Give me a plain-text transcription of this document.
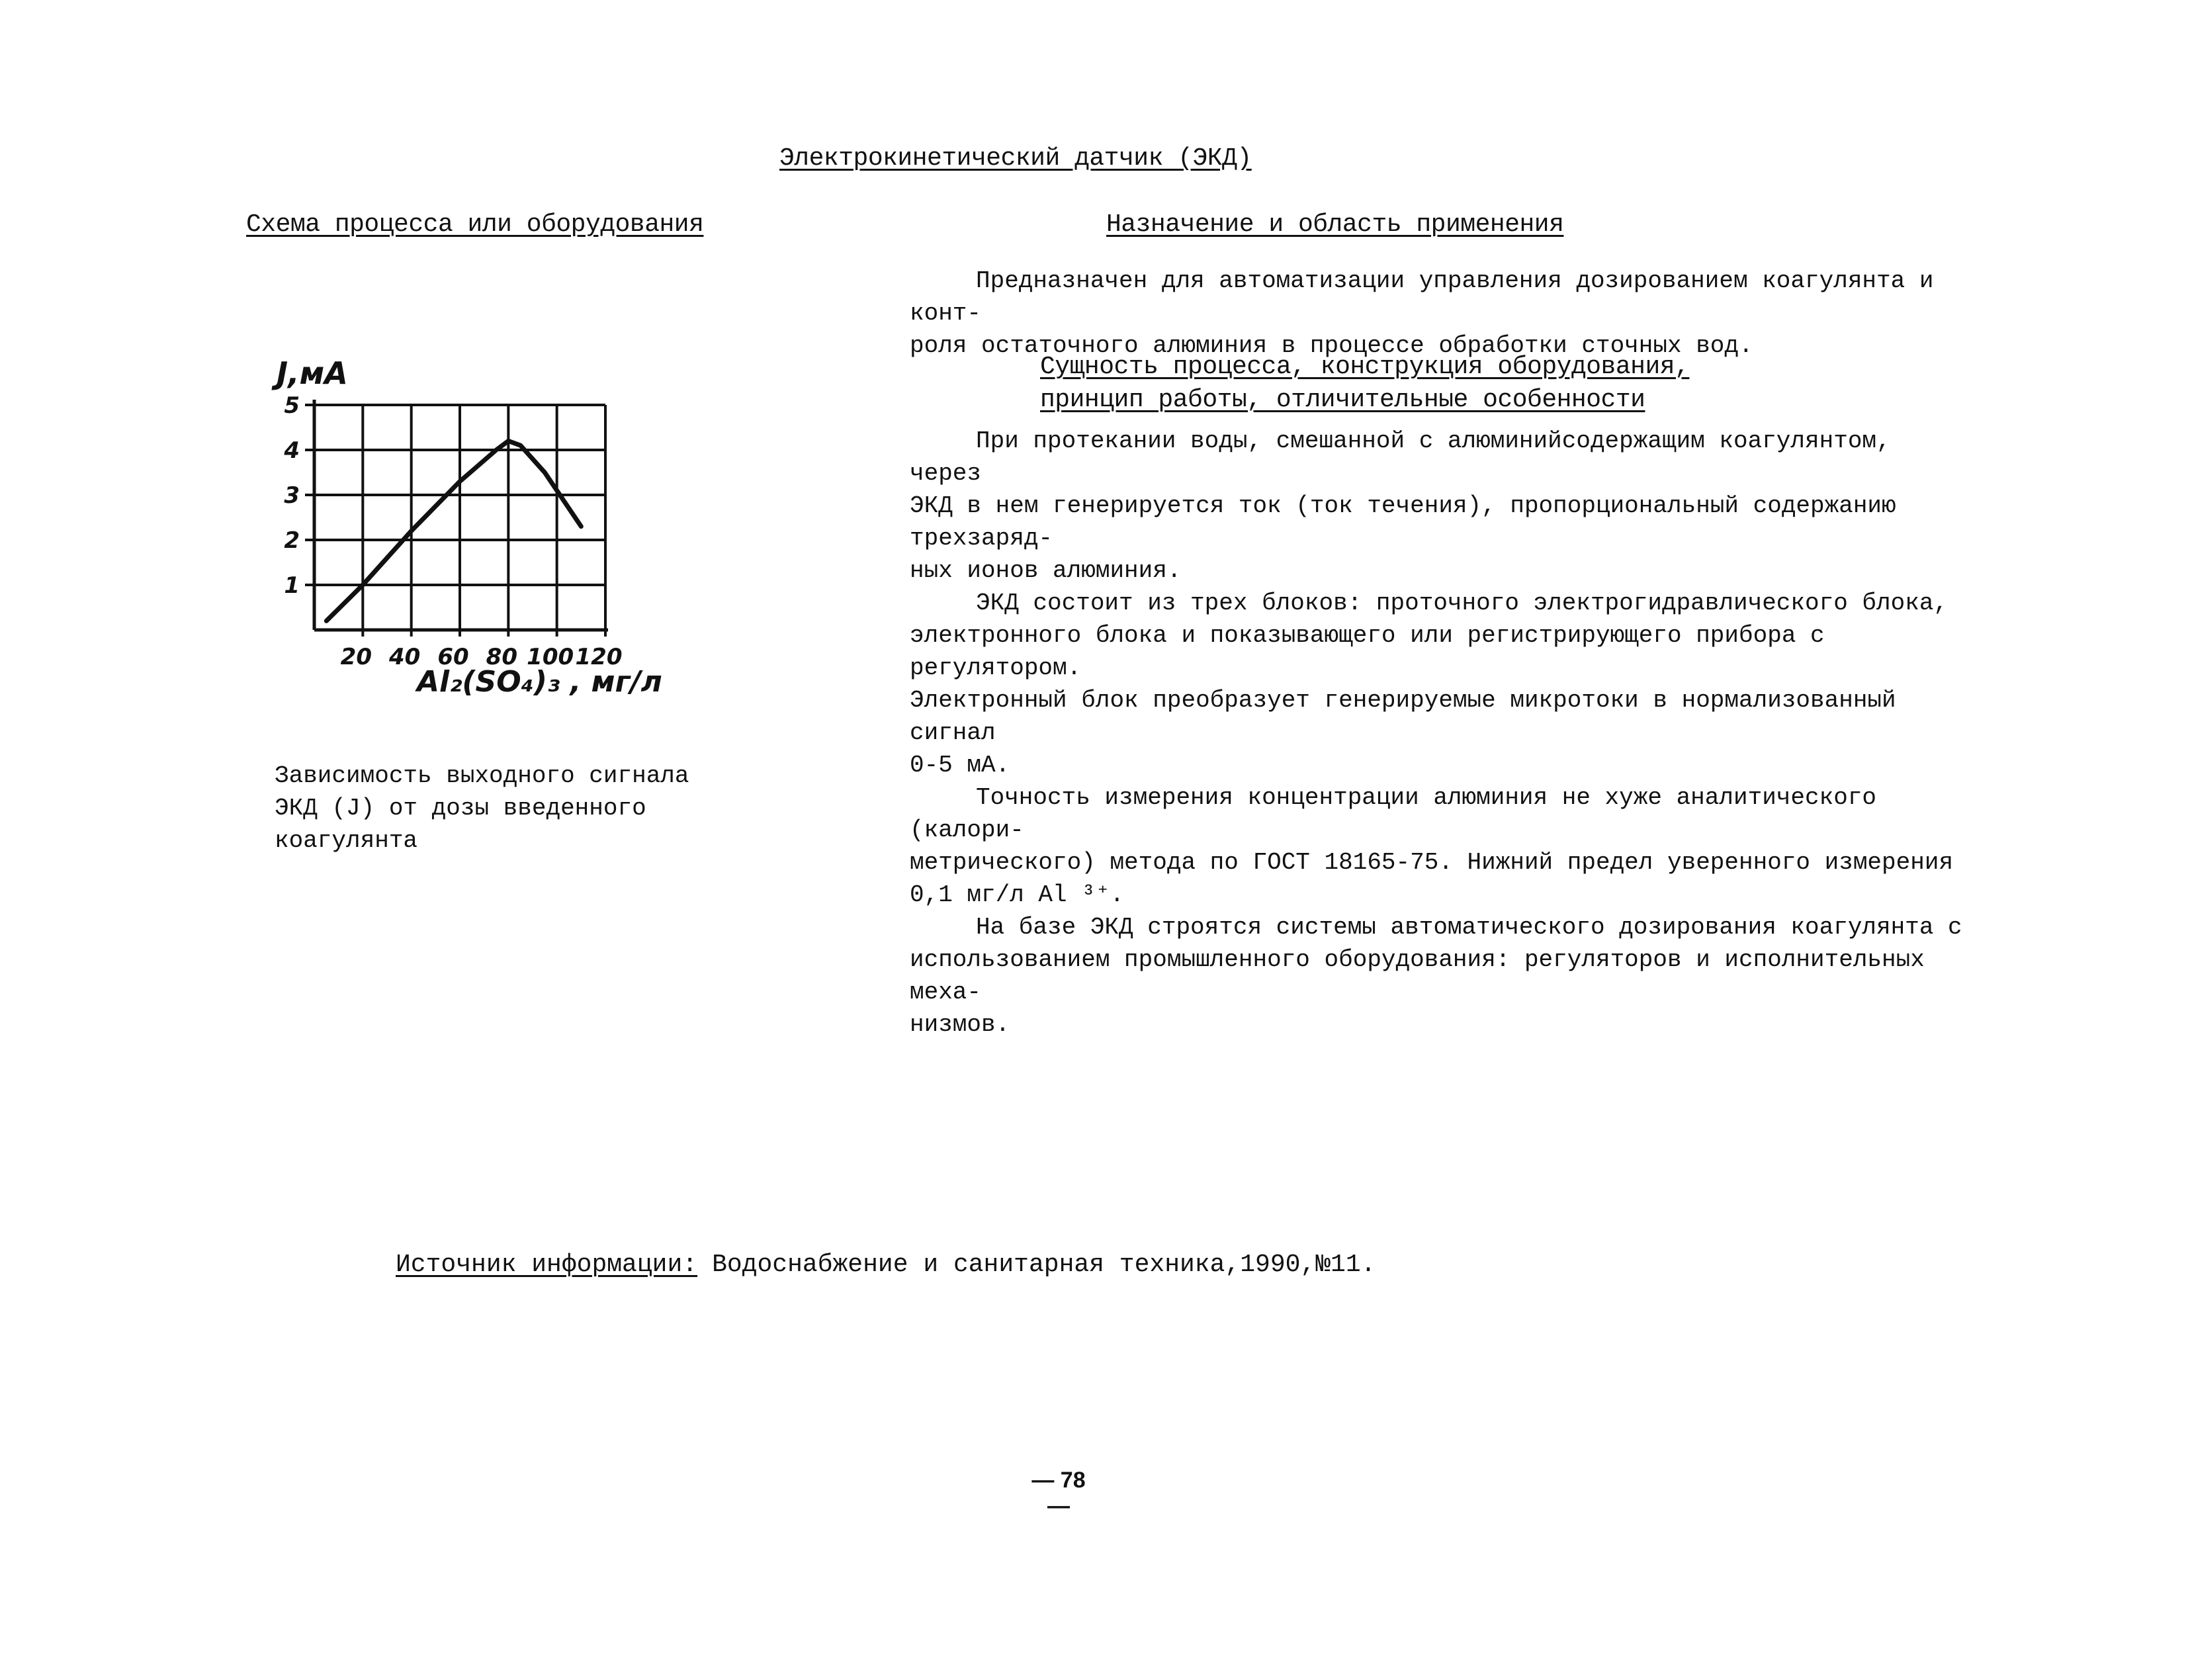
Электрокинетический датчик (ЭКД)
Схема процесса или оборудования	Назначение и область применения

Предназначен для автоматизации управления дозированием коагулянта и конт-
роля остаточного алюминия в процессе обработки сточных вод.

Сущность процесса, конструкция оборудования,
принцип работы, отличительные особенности

При протекании воды, смешанной с алюминийсодержащим коагулянтом, через
ЭКД в нем генерируется ток (ток течения), пропорциональный содержанию трехзаряд-
ных ионов алюминия.

ЭКД состоит из трех блоков: проточного электрогидравлического блока,
электронного блока и показывающего или регистрирующего прибора с регулятором.
Электронный блок преобразует генерируемые микротоки в нормализованный сигнал
0-5 мА.

Точность измерения концентрации алюминия не хуже аналитического (калори-
метрического) метода по ГОСТ 18165-75. Нижний предел уверенного измерения
0,1 мг/л Al ³⁺.

На базе ЭКД строятся системы автоматического дозирования коагулянта с
использованием промышленного оборудования: регуляторов и исполнительных меха-
низмов.

20 40 60 80 100 120
1
2
3
4
5
J,мА
Al₂(SO₄)₃ , мг/л

Зависимость выходного сигнала
ЭКД (J) от дозы введенного
коагулянта

Источник информации: Водоснабжение и санитарная техника,1990,№11.
— 78 —
